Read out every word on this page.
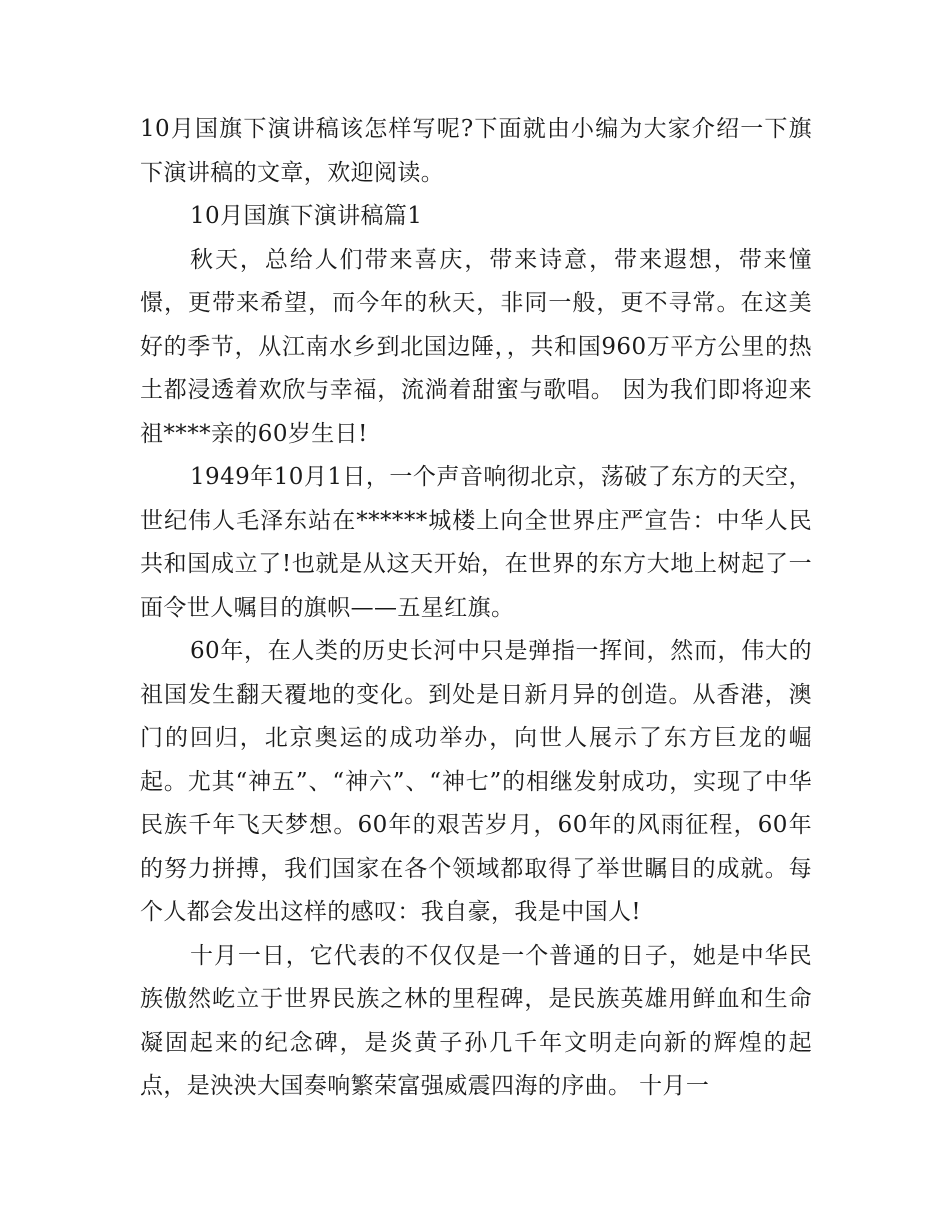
10月国旗下演讲稿该怎样写呢?下面就由小编为大家介绍一下旗下演讲稿的文章，欢迎阅读。

10月国旗下演讲稿篇1

秋天，总给人们带来喜庆，带来诗意，带来遐想，带来憧憬，更带来希望，而今年的秋天，非同一般，更不寻常。在这美好的季节，从江南水乡到北国边陲，，共和国960万平方公里的热土都浸透着欢欣与幸福，流淌着甜蜜与歌唱。 因为我们即将迎来祖****亲的60岁生日!

1949年10月1日，一个声音响彻北京，荡破了东方的天空，世纪伟人毛泽东站在******城楼上向全世界庄严宣告：中华人民共和国成立了!也就是从这天开始，在世界的东方大地上树起了一面令世人嘱目的旗帜——五星红旗。

60年，在人类的历史长河中只是弹指一挥间，然而，伟大的祖国发生翻天覆地的变化。到处是日新月异的创造。从香港，澳门的回归，北京奥运的成功举办，向世人展示了东方巨龙的崛起。尤其“神五”、“神六”、“神七”的相继发射成功，实现了中华民族千年飞天梦想。60年的艰苦岁月，60年的风雨征程，60年的努力拼搏，我们国家在各个领域都取得了举世瞩目的成就。每个人都会发出这样的感叹：我自豪，我是中国人!

十月一日，它代表的不仅仅是一个普通的日子，她是中华民族傲然屹立于世界民族之林的里程碑，是民族英雄用鲜血和生命凝固起来的纪念碑，是炎黄子孙几千年文明走向新的辉煌的起点，是泱泱大国奏响繁荣富强威震四海的序曲。 十月一
